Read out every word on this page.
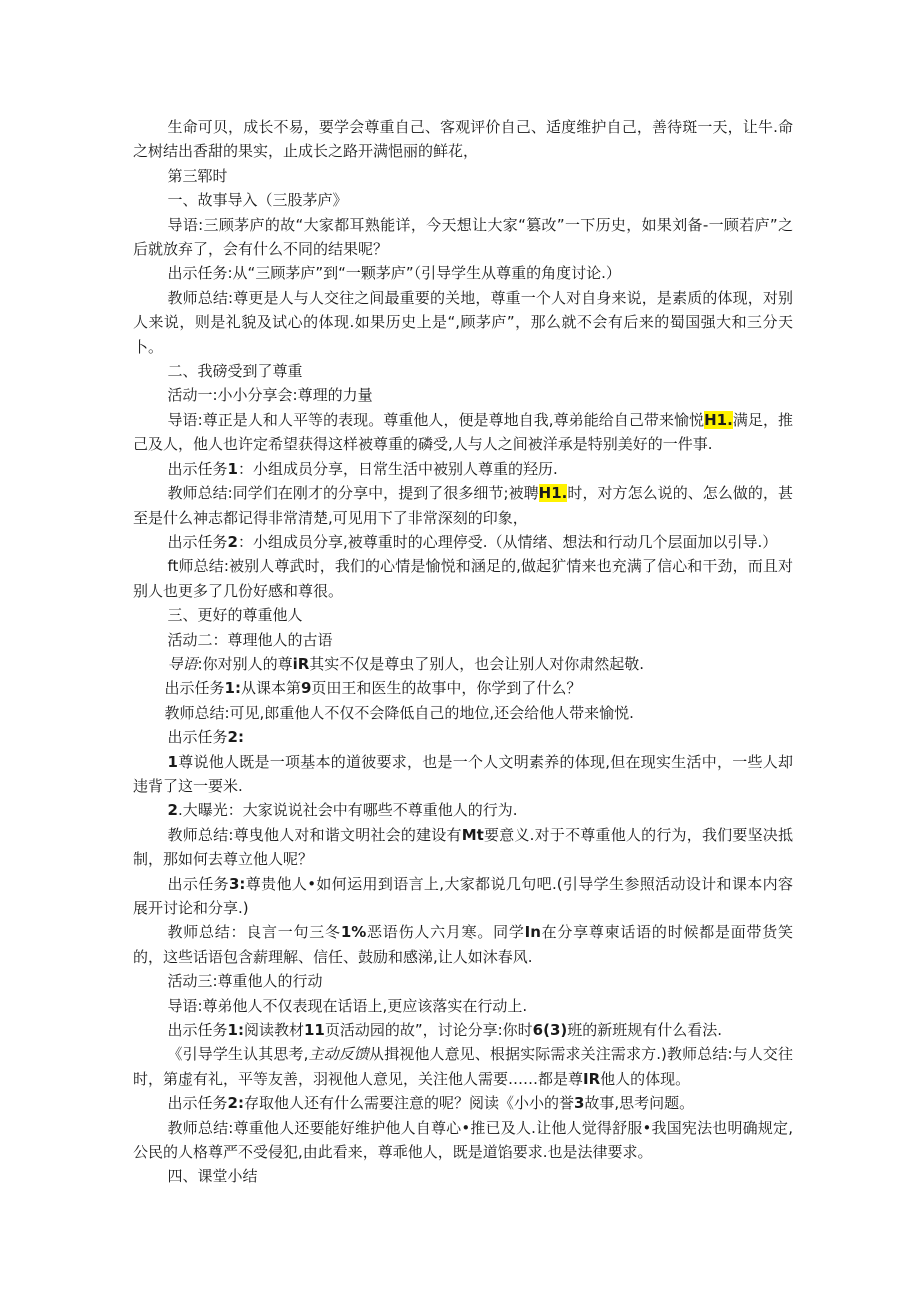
生命可贝，成长不易，要学会尊重自己、客观评价自己、适度维护自己，善待斑一天，让牛.命之树结出香甜的果实，止成长之路开满悒丽的鲜花，

第三郓时

一、故事导入（三股茅庐》

导语:三顾茅庐的故“大家都耳熟能详，今天想让大家“篡改”一下历史，如果刘备-一顾若庐”之后就放弃了，会有什么不同的结果呢？

出示任务:从“三顾茅庐”到“一颗茅庐”（引导学生从尊重的角度讨论.）

教师总结:尊更是人与人交往之间最重要的关地，尊重一个人对自身来说，是素质的体现，对别人来说，则是礼貌及试心的体现.如果历史上是“,顾茅庐”，那么就不会有后来的蜀国强大和三分天卜。

二、我磅受到了尊重

活动一:小小分享会:尊理的力量

导语:尊正是人和人平等的表现。尊重他人，便是尊地自我,尊弟能给自己带来愉悦H1.满足，推己及人，他人也许定希望获得这样被尊重的磷受,人与人之间被洋承是特别美好的一件事.

出示任务1：小组成员分享，日常生活中被别人尊重的羟历.

教师总结:同学们在刚才的分享中，提到了很多细节;被聘H1.时，对方怎么说的、怎么做的，甚至是什么神志都记得非常清楚,可见用下了非常深刻的印象，

出示任务2：小组成员分享,被尊重时的心理停受.（从情绪、想法和行动几个层面加以引导.）

ft师总结:被别人尊武时，我们的心情是愉悦和涵足的,做起犷情来也充满了信心和干劲，而且对别人也更多了几份好感和尊很。

三、更好的尊重他人

活动二：尊理他人的古语

导语:你对别人的尊iR其实不仅是尊虫了别人，也会让别人对你肃然起敬.

出示任务1:从课本第9页田王和医生的故事中，你学到了什么？

教师总结:可见,郎重他人不仅不会降低自己的地位,还会给他人带来愉悦.

出示任务2:

1尊说他人既是一项基本的道彼要求，也是一个人文明素养的体现,但在现实生活中，一些人却违背了这一要米.

2.大曝光：大家说说社会中有哪些不尊重他人的行为.

教师总结:尊曳他人对和谐文明社会的建设有Mt要意义.对于不尊重他人的行为，我们要坚决抵制，那如何去尊立他人呢？

出示任务3:尊贵他人•如何运用到语言上,大家都说几句吧.(引导学生参照活动设计和课本内容展开讨论和分享.)

教师总结：良言一句三冬1%恶语伤人六月寒。同学In在分享尊柬话语的时候都是面带货笑的，这些话语包含薪理解、信任、鼓励和感涕,让人如沐春风.

活动三:尊重他人的行动

导语:尊弟他人不仅表现在话语上,更应该落实在行动上.

出示任务1:阅读教材11页活动园的故”，讨论分享:你时6(3)班的新班规有什么看法.

《引导学生认其思考,主动反馈从揖视他人意见、根据实际需求关注需求方.)教师总结:与人交往时，第虚有礼，平等友善，羽视他人意见，关注他人需要……都是尊IR他人的体现。

出示任务2:存取他人还有什么需要注意的呢？阅读《小小的誉3故事,思考问题。

教师总结:尊重他人还要能好维护他人自尊心•推已及人.让他人觉得舒服•我国宪法也明确规定,公民的人格尊严不受侵犯,由此看来，尊乖他人，既是道馅要求.也是法律要求。

四、课堂小结
